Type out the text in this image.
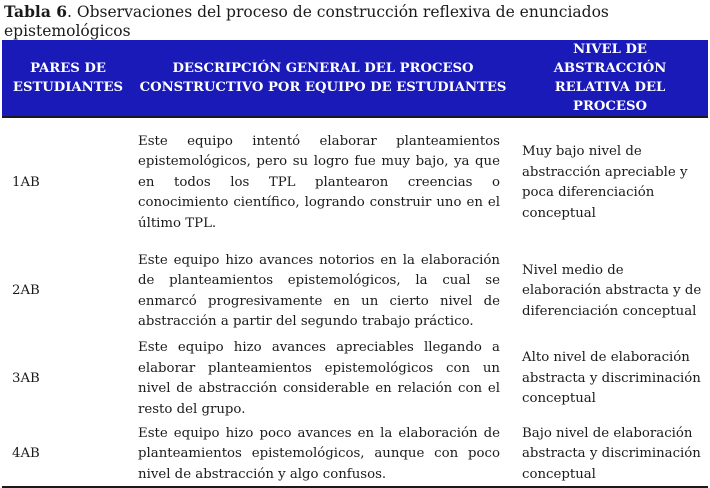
Tabla 6. Observaciones del proceso de construcción reflexiva de enunciados epistemológicos
PARES DE ESTUDIANTES	DESCRIPCIÓN GENERAL DEL PROCESO CONSTRUCTIVO POR EQUIPO DE ESTUDIANTES	NIVEL DE ABSTRACCIÓN RELATIVA DEL PROCESO
1AB	Este equipo intentó elaborar planteamientos epistemológicos, pero su logro fue muy bajo, ya que en todos los TPL plantearon creencias o conocimiento científico, logrando construir uno en el último TPL.	Muy bajo nivel de abstracción apreciable y poca diferenciación conceptual
2AB	Este equipo hizo avances notorios en la elaboración de planteamientos epistemológicos, la cual se enmarcó progresivamente en un cierto nivel de abstracción a partir del segundo trabajo práctico.	Nivel medio de elaboración abstracta y de diferenciación conceptual
3AB	Este equipo hizo avances apreciables llegando a elaborar planteamientos epistemológicos con un nivel de abstracción considerable en relación con el resto del grupo.	Alto nivel de elaboración abstracta y discriminación conceptual
4AB	Este equipo hizo poco avances en la elaboración de planteamientos epistemológicos, aunque con poco nivel de abstracción y algo confusos.	Bajo nivel de elaboración abstracta y discriminación conceptual
